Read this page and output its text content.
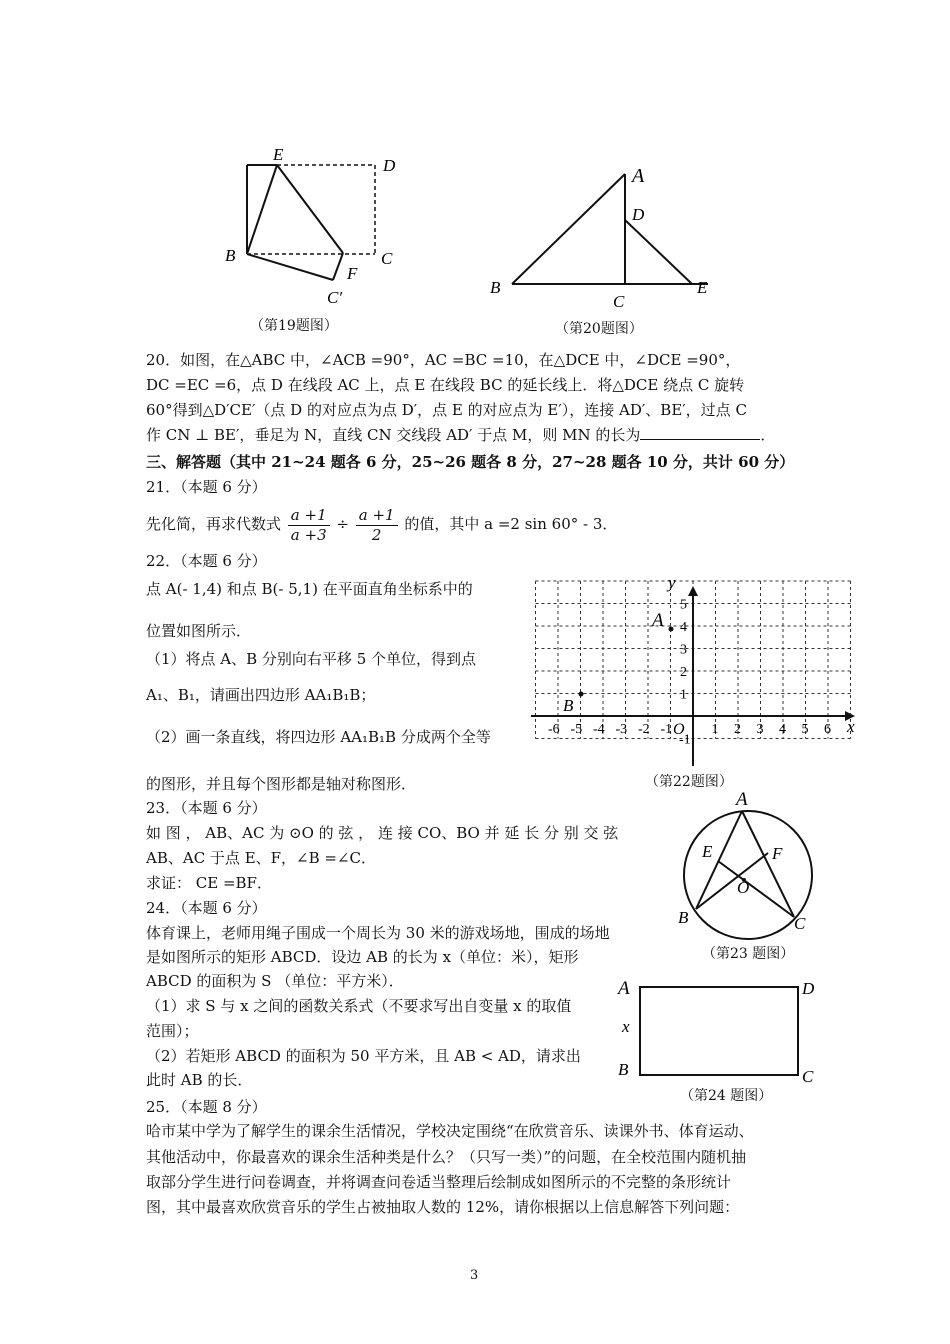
E
D
B	C
F
C′
（第19题图）
A
D
B
C
E
（第20题图）
20．如图，在△ABC 中，∠ACB =90°，AC =BC =10，在△DCE 中，∠DCE =90°，
DC =EC =6，点 D 在线段 AC 上，点 E 在线段 BC 的延长线上．将△DCE 绕点 C 旋转
60°得到△D′CE′（点 D 的对应点为点 D′，点 E 的对应点为 E′），连接 AD′、BE′，过点 C
作 CN ⊥ BE′，垂足为 N，直线 CN 交线段 AD′ 于点 M，则 MN 的长为	．
三、解答题（其中 21~24 题各 6 分，25~26 题各 8 分，27~28 题各 10 分，共计 60 分）
21．（本题 6 分）
先化简，再求代数式 $\frac{a +1}{a +3} \div \frac{a +1}{2}$ 的值，其中 a =2 sin 60° - 3．
22．（本题 6 分）
点 A(- 1,4) 和点 B(- 5,1) 在平面直角坐标系中的
位置如图所示．
（1）将点 A、B 分别向右平移 5 个单位，得到点
A₁、B₁，请画出四边形 AA₁B₁B；
（2）画一条直线，将四边形 AA₁B₁B 分成两个全等
的图形，并且每个图形都是轴对称图形．
x
y
O
-6 -5 -4 -3 -2 -1	1 2 3 4 5 6
5
4
3
2
1
-1
A
B
（第22题图）
23．（本题 6 分）
如 图 ， AB、AC 为 ⊙O 的 弦 ， 连 接 CO、BO 并 延 长 分 别 交 弦
AB、AC 于点 E、F，∠B =∠C．
求证： CE =BF．
A
E	F
O
B	C
（第23 题图）
24．（本题 6 分）
体育课上，老师用绳子围成一个周长为 30 米的游戏场地，围成的场地
是如图所示的矩形 ABCD．设边 AB 的长为 x（单位：米），矩形
ABCD 的面积为 S （单位：平方米）．
（1）求 S 与 x 之间的函数关系式（不要求写出自变量 x 的取值
范围）；
（2）若矩形 ABCD 的面积为 50 平方米，且 AB < AD，请求出
此时 AB 的长．
A	D
x
B	C
（第24 题图）
25．（本题 8 分）
哈市某中学为了解学生的课余生活情况，学校决定围绕“在欣赏音乐、读课外书、体育运动、
其他活动中，你最喜欢的课余生活种类是什么？（只写一类）”的问题，在全校范围内随机抽
取部分学生进行问卷调查，并将调查问卷适当整理后绘制成如图所示的不完整的条形统计
图，其中最喜欢欣赏音乐的学生占被抽取人数的 12%，请你根据以上信息解答下列问题：
3
